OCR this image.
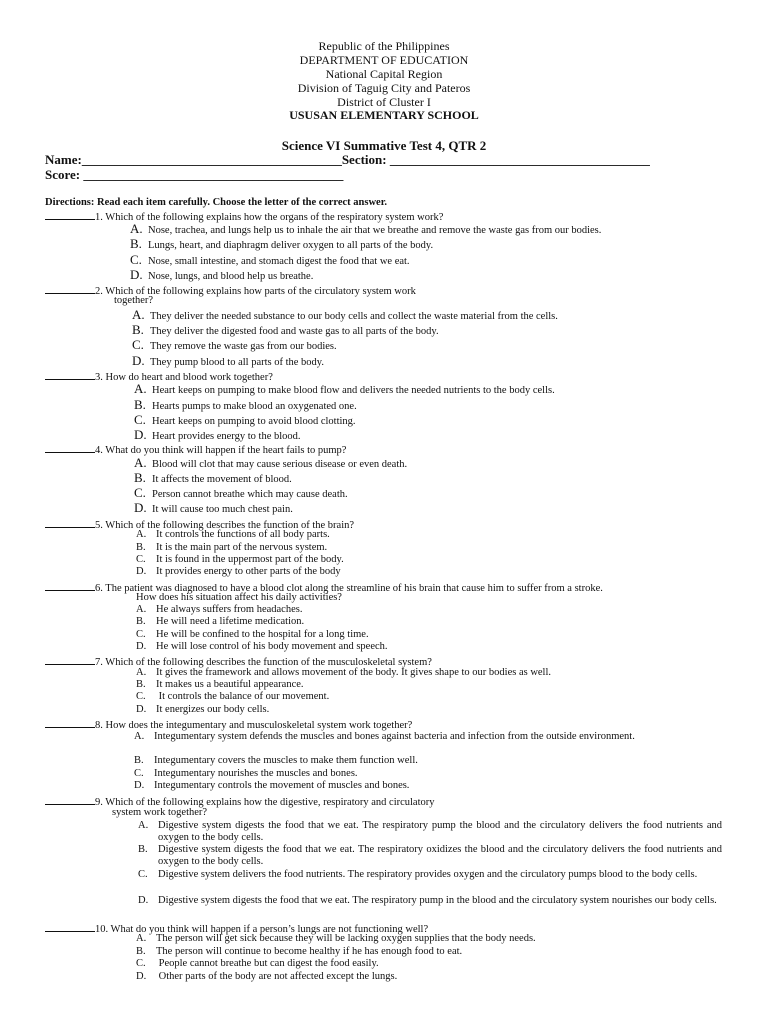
Republic of the Philippines
DEPARTMENT OF EDUCATION
National Capital Region
Division of Taguig City and Pateros
District of Cluster I
USUSAN ELEMENTARY SCHOOL
Science VI Summative Test 4, QTR 2
Name:________________________________________Section: ________________________________________
Score: ________________________________________
Directions: Read each item carefully. Choose the letter of the correct answer.
1. Which of the following explains how the organs of the respiratory system work?
A. Nose, trachea, and lungs help us to inhale the air that we breathe and remove the waste gas from our bodies.
B. Lungs, heart, and diaphragm deliver oxygen to all parts of the body.
C. Nose, small intestine, and stomach digest the food that we eat.
D. Nose, lungs, and blood help us breathe.
2. Which of the following explains how parts of the circulatory system work
together?
A. They deliver the needed substance to our body cells and collect the waste material from the cells.
B. They deliver the digested food and waste gas to all parts of the body.
C. They remove the waste gas from our bodies.
D. They pump blood to all parts of the body.
3. How do heart and blood work together?
A. Heart keeps on pumping to make blood flow and delivers the needed nutrients to the body cells.
B. Hearts pumps to make blood an oxygenated one.
C. Heart keeps on pumping to avoid blood clotting.
D. Heart provides energy to the blood.
4. What do you think will happen if the heart fails to pump?
A. Blood will clot that may cause serious disease or even death.
B. It affects the movement of blood.
C. Person cannot breathe which may cause death.
D. It will cause too much chest pain.
5. Which of the following describes the function of the brain?
A. It controls the functions of all body parts.
B. It is the main part of the nervous system.
C. It is found in the uppermost part of the body.
D. It provides energy to other parts of the body
6. The patient was diagnosed to have a blood clot along the streamline of his brain that cause him to suffer from a stroke.
How does his situation affect his daily activities?
A. He always suffers from headaches.
B. He will need a lifetime medication.
C. He will be confined to the hospital for a long time.
D. He will lose control of his body movement and speech.
7. Which of the following describes the function of the musculoskeletal system?
A. It gives the framework and allows movement of the body. It gives shape to our bodies as well.
B. It makes us a beautiful appearance.
C. It controls the balance of our movement.
D. It energizes our body cells.
8. How does the integumentary and musculoskeletal system work together?
A. Integumentary system defends the muscles and bones against bacteria and infection from the outside environment.
B. Integumentary covers the muscles to make them function well.
C. Integumentary nourishes the muscles and bones.
D. Integumentary controls the movement of muscles and bones.
9. Which of the following explains how the digestive, respiratory and circulatory
system work together?
A. Digestive system digests the food that we eat. The respiratory pump the blood and the circulatory delivers the food nutrients and oxygen to the body cells.
B. Digestive system digests the food that we eat. The respiratory oxidizes the blood and the circulatory delivers the food nutrients and oxygen to the body cells.
C. Digestive system delivers the food nutrients. The respiratory provides oxygen and the circulatory pumps blood to the body cells.
D. Digestive system digests the food that we eat. The respiratory pump in the blood and the circulatory system nourishes our body cells.
10. What do you think will happen if a person’s lungs are not functioning well?
A. The person will get sick because they will be lacking oxygen supplies that the body needs.
B. The person will continue to become healthy if he has enough food to eat.
C. People cannot breathe but can digest the food easily.
D. Other parts of the body are not affected except the lungs.
